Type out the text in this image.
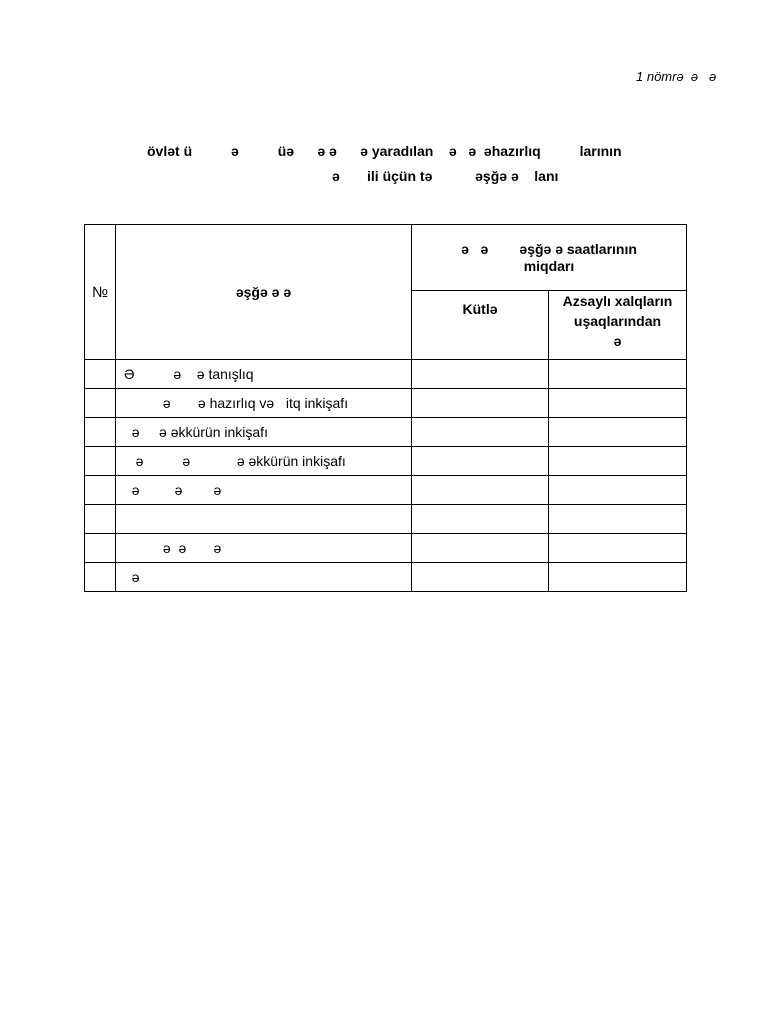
1 nömrə  ə   ə
övlət ü          ə          üə      ə ə      ə yaradılan    ə   ə  əhazırlıq          larının
ə       ili üçün tə           əşğə ə    lanı
№	əşğə ə ə	ə   ə        əşğə ə saatlarının
miqdarı	
		Kütlə	Azsaylı xalqların
uşaqlarından
ə
	Ə          ə    ə tanışlıq		
	ə       ə hazırlıq və   itq inkişafı		
	ə     ə əkkürün inkişafı		
	ə          ə            ə əkkürün inkişafı		
	ə         ə        ə		

	ə  ə       ə		
	ə		
